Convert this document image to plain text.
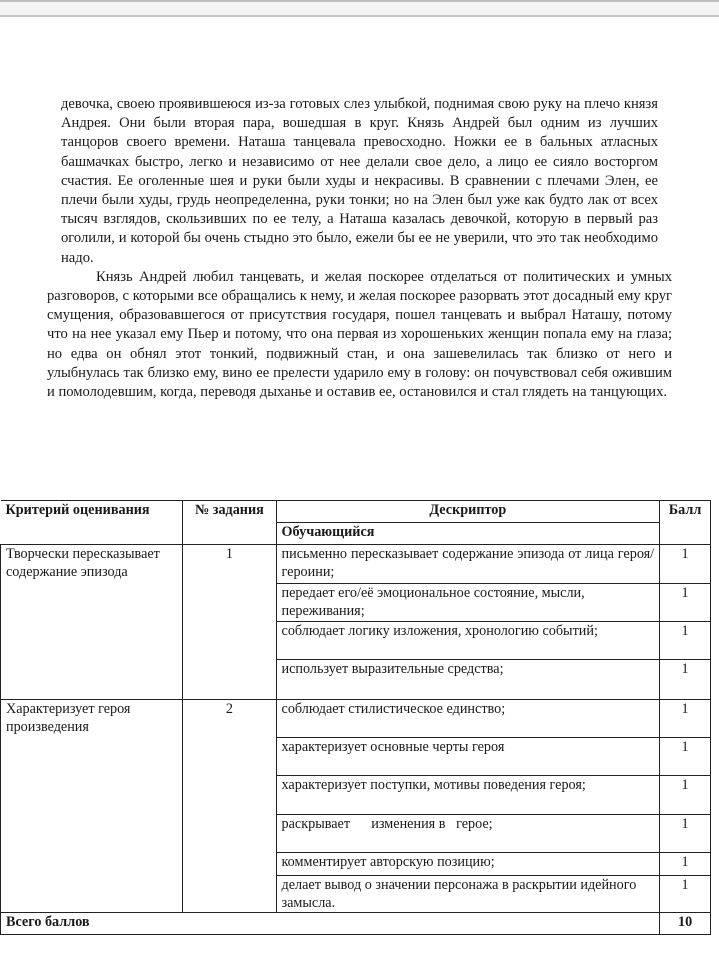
девочка, своею проявившеюся из-за готовых слез улыбкой, поднимая свою руку на плечо князя Андрея. Они были вторая пара, вошедшая в круг. Князь Андрей был одним из лучших танцоров своего времени. Наташа танцевала превосходно. Ножки ее в бальных атласных башмачках быстро, легко и независимо от нее делали свое дело, а лицо ее сияло восторгом счастия. Ее оголенные шея и руки были худы и некрасивы. В сравнении с плечами Элен, ее плечи были худы, грудь неопределенна, руки тонки; но на Элен был уже как будто лак от всех тысяч взглядов, скользивших по ее телу, а Наташа казалась девочкой, которую в первый раз оголили, и которой бы очень стыдно это было, ежели бы ее не уверили, что это так необходимо надо.

Князь Андрей любил танцевать, и желая поскорее отделаться от политических и умных разговоров, с которыми все обращались к нему, и желая поскорее разорвать этот досадный ему круг смущения, образовавшегося от присутствия государя, пошел танцевать и выбрал Наташу, потому что на нее указал ему Пьер и потому, что она первая из хорошеньких женщин попала ему на глаза; но едва он обнял этот тонкий, подвижный стан, и она зашевелилась так близко от него и улыбнулась так близко ему, вино ее прелести ударило ему в голову: он почувствовал себя ожившим и помолодевшим, когда, переводя дыханье и оставив ее, остановился и стал глядеть на танцующих.

Критерий оценивания	№ задания	Дескриптор	Балл
		Обучающийся	
Творчески пересказывает содержание эпизода	1	письменно пересказывает содержание эпизода от лица героя/героини;	1
		передает его/её эмоциональное состояние, мысли, переживания;	1
		соблюдает логику изложения, хронологию событий;	1
		использует выразительные средства;	1
Характеризует героя произведения	2	соблюдает стилистическое единство;	1
		характеризует основные черты героя	1
		характеризует поступки, мотивы поведения героя;	1
		раскрывает      изменения в   герое;	1
		комментирует авторскую позицию;	1
		делает вывод о значении персонажа в раскрытии идейного замысла.	1
Всего баллов			10
